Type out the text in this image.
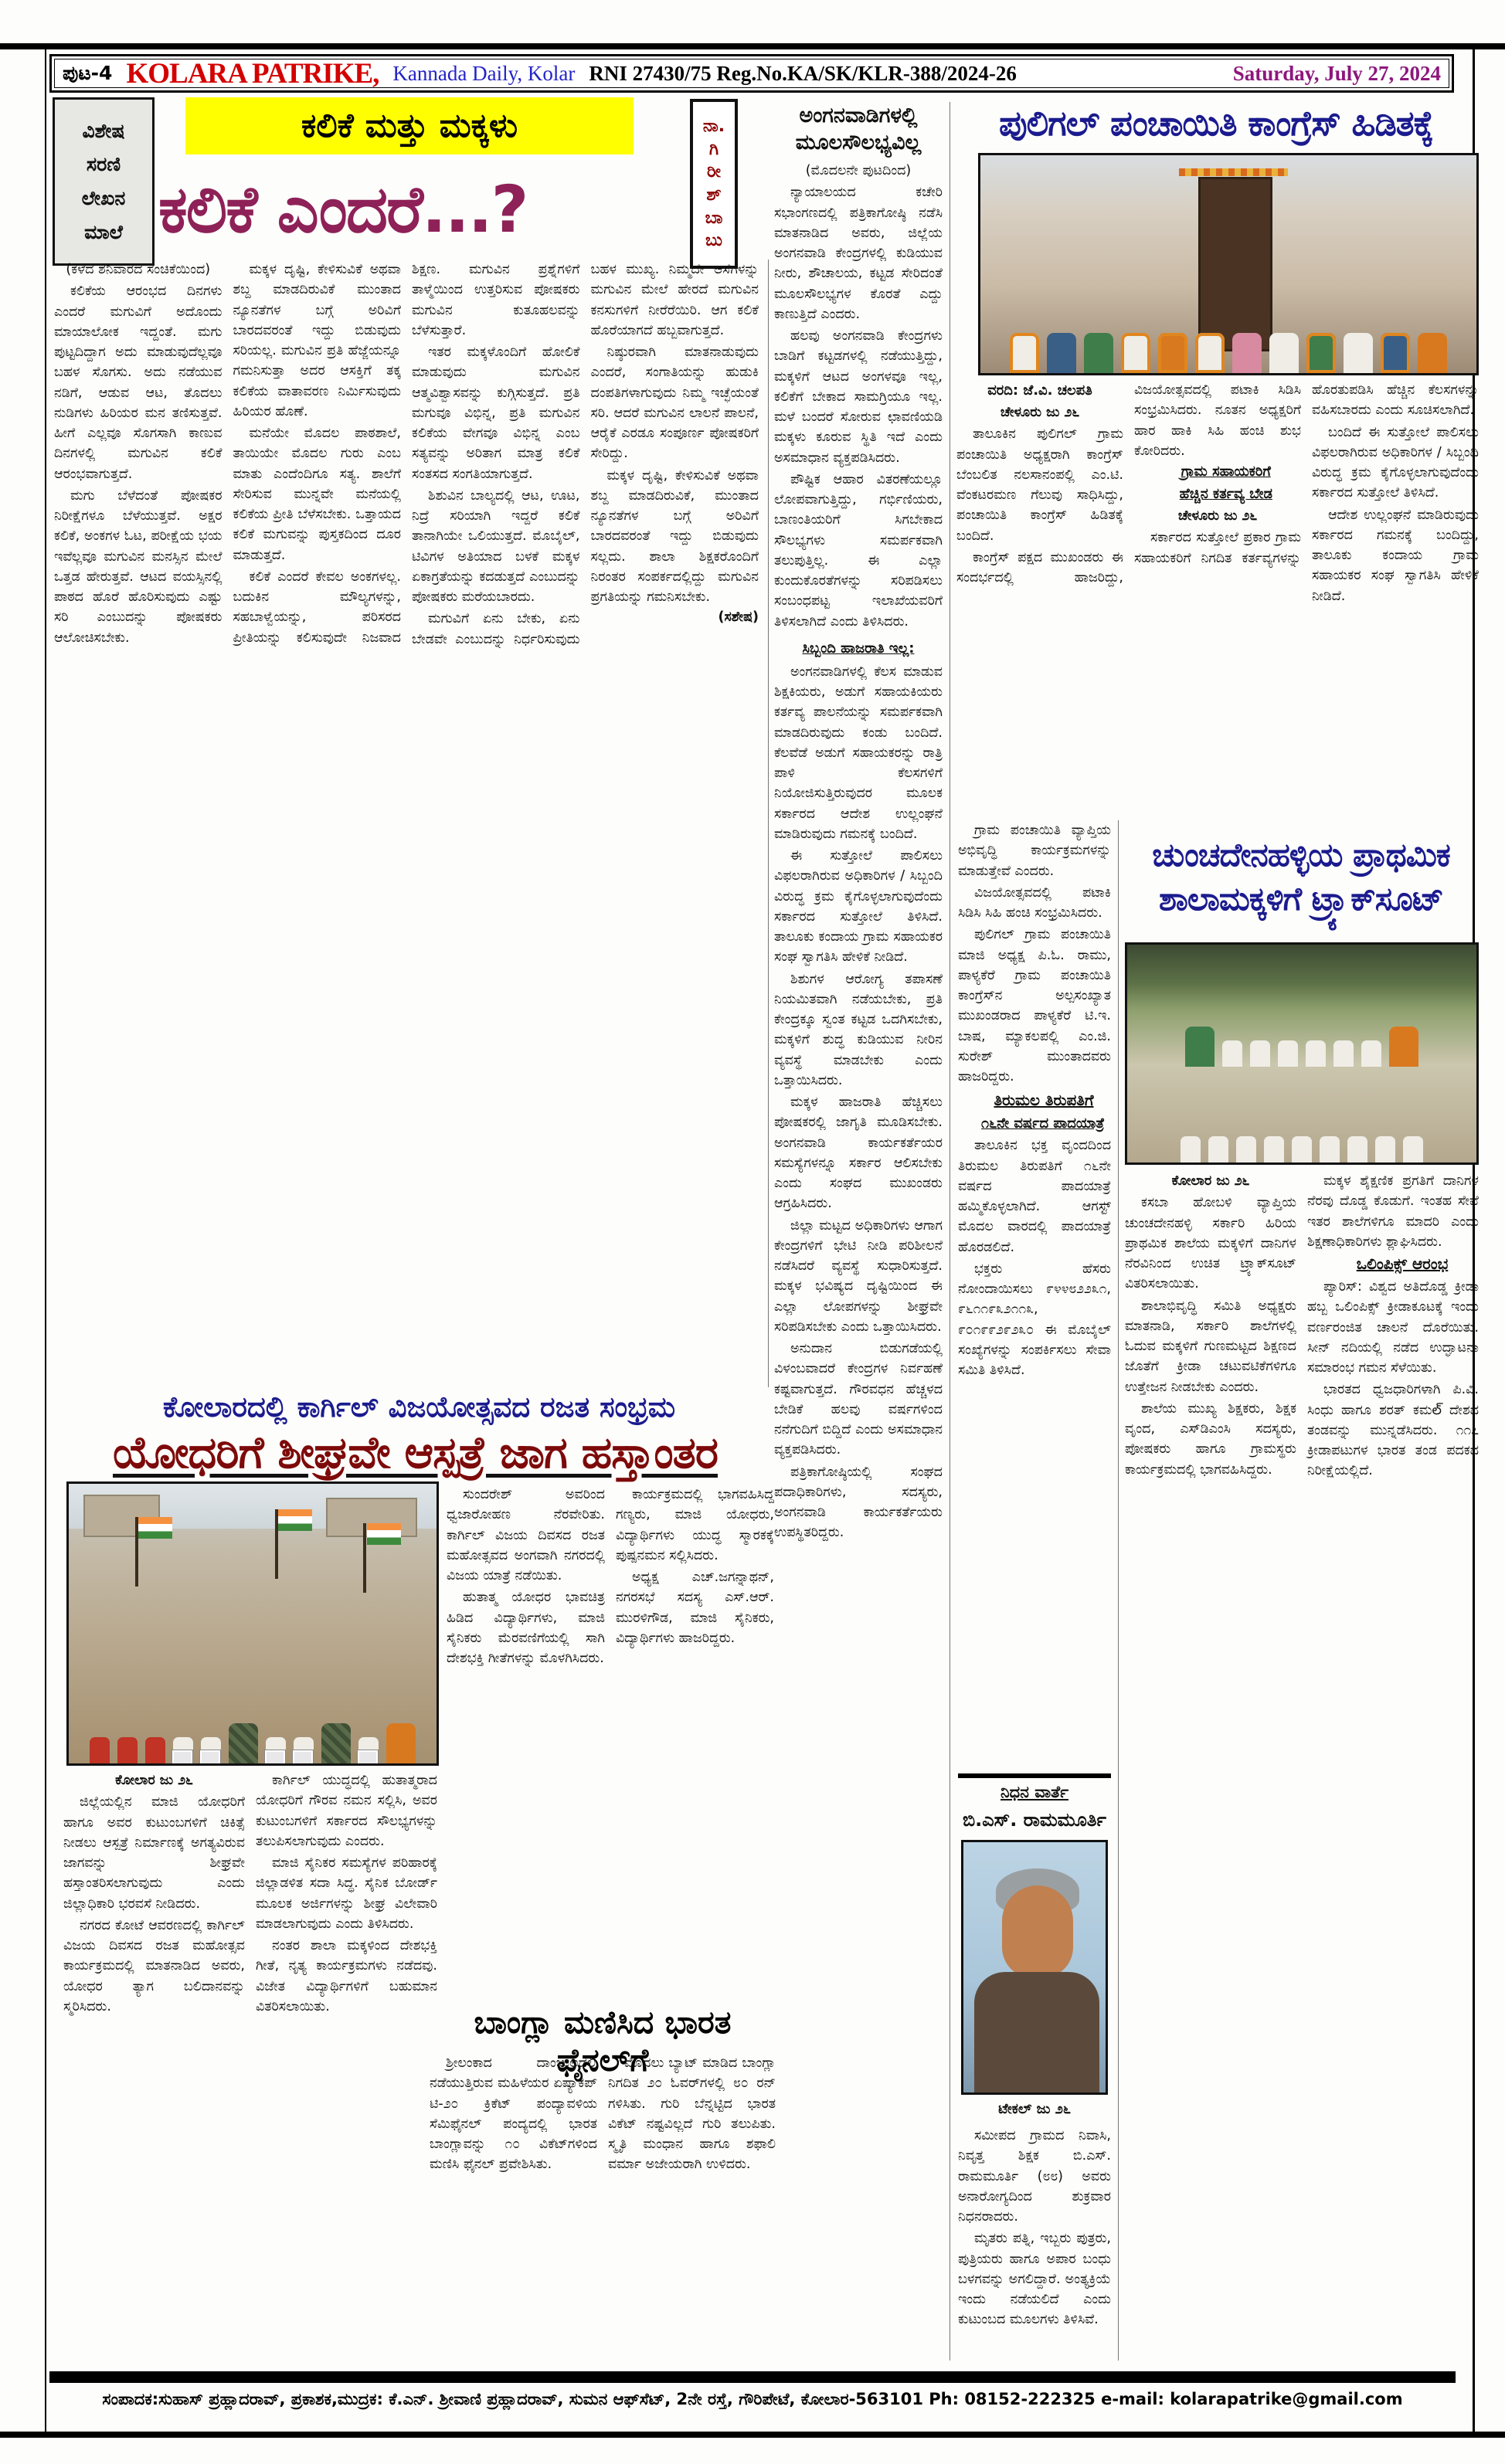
ಪುಟ-4 KOLARA PATRIKE, Kannada Daily, Kolar RNI 27430/75 Reg.No.KA/SK/KLR-388/2024-26	Saturday, July 27, 2024
ವಿಶೇಷ
ಸರಣಿ
ಲೇಖನ
ಮಾಲೆ
ಕಲಿಕೆ ಮತ್ತು ಮಕ್ಕಳು
ಕಲಿಕೆ ಎಂದರೆ...?
ನಾ.
ಗಿ
ರೀ
ಶ್
ಬಾ
ಬು

(ಕಳೆದ ಶನಿವಾರದ ಸಂಚಿಕೆಯಿಂದ)

ಕಲಿಕೆಯ ಆರಂಭದ ದಿನಗಳು ಎಂದರೆ ಮಗುವಿಗೆ ಅದೊಂದು ಮಾಯಾಲೋಕ ಇದ್ದಂತೆ. ಮಗು ಪುಟ್ಟದಿದ್ದಾಗ ಅದು ಮಾಡುವುದೆಲ್ಲವೂ ಬಹಳ ಸೊಗಸು. ಅದು ನಡೆಯುವ ನಡಿಗೆ, ಆಡುವ ಆಟ, ತೊದಲು ನುಡಿಗಳು ಹಿರಿಯರ ಮನ ತಣಿಸುತ್ತವೆ. ಹೀಗೆ ಎಲ್ಲವೂ ಸೊಗಸಾಗಿ ಕಾಣುವ ದಿನಗಳಲ್ಲಿ ಮಗುವಿನ ಕಲಿಕೆ ಆರಂಭವಾಗುತ್ತದೆ.

ಮಗು ಬೆಳೆದಂತೆ ಪೋಷಕರ ನಿರೀಕ್ಷೆಗಳೂ ಬೆಳೆಯುತ್ತವೆ. ಅಕ್ಷರ ಕಲಿಕೆ, ಅಂಕಗಳ ಓಟ, ಪರೀಕ್ಷೆಯ ಭಯ ಇವೆಲ್ಲವೂ ಮಗುವಿನ ಮನಸ್ಸಿನ ಮೇಲೆ ಒತ್ತಡ ಹೇರುತ್ತವೆ. ಆಟದ ವಯಸ್ಸಿನಲ್ಲಿ ಪಾಠದ ಹೊರೆ ಹೊರಿಸುವುದು ಎಷ್ಟು ಸರಿ ಎಂಬುದನ್ನು ಪೋಷಕರು ಆಲೋಚಿಸಬೇಕು.

ಮಕ್ಕಳ ದೃಷ್ಟಿ, ಕೇಳಿಸುವಿಕೆ ಅಥವಾ ಶಬ್ದ ಮಾಡದಿರುವಿಕೆ ಮುಂತಾದ ನ್ಯೂನತೆಗಳ ಬಗ್ಗೆ ಅರಿವಿಗೆ ಬಾರದವರಂತೆ ಇದ್ದು ಬಿಡುವುದು ಸರಿಯಲ್ಲ. ಮಗುವಿನ ಪ್ರತಿ ಹೆಜ್ಜೆಯನ್ನೂ ಗಮನಿಸುತ್ತಾ ಅದರ ಆಸಕ್ತಿಗೆ ತಕ್ಕ ಕಲಿಕೆಯ ವಾತಾವರಣ ನಿರ್ಮಿಸುವುದು ಹಿರಿಯರ ಹೊಣೆ.

ಮನೆಯೇ ಮೊದಲ ಪಾಠಶಾಲೆ, ತಾಯಿಯೇ ಮೊದಲ ಗುರು ಎಂಬ ಮಾತು ಎಂದೆಂದಿಗೂ ಸತ್ಯ. ಶಾಲೆಗೆ ಸೇರಿಸುವ ಮುನ್ನವೇ ಮನೆಯಲ್ಲಿ ಕಲಿಕೆಯ ಪ್ರೀತಿ ಬೆಳೆಸಬೇಕು. ಒತ್ತಾಯದ ಕಲಿಕೆ ಮಗುವನ್ನು ಪುಸ್ತಕದಿಂದ ದೂರ ಮಾಡುತ್ತದೆ.

ಕಲಿಕೆ ಎಂದರೆ ಕೇವಲ ಅಂಕಗಳಲ್ಲ. ಬದುಕಿನ ಮೌಲ್ಯಗಳನ್ನು, ಸಹಬಾಳ್ವೆಯನ್ನು, ಪರಿಸರದ ಪ್ರೀತಿಯನ್ನು ಕಲಿಸುವುದೇ ನಿಜವಾದ ಶಿಕ್ಷಣ. ಮಗುವಿನ ಪ್ರಶ್ನೆಗಳಿಗೆ ತಾಳ್ಮೆಯಿಂದ ಉತ್ತರಿಸುವ ಪೋಷಕರು ಮಗುವಿನ ಕುತೂಹಲವನ್ನು ಬೆಳೆಸುತ್ತಾರೆ.

ಇತರ ಮಕ್ಕಳೊಂದಿಗೆ ಹೋಲಿಕೆ ಮಾಡುವುದು ಮಗುವಿನ ಆತ್ಮವಿಶ್ವಾಸವನ್ನು ಕುಗ್ಗಿಸುತ್ತದೆ. ಪ್ರತಿ ಮಗುವೂ ವಿಭಿನ್ನ, ಪ್ರತಿ ಮಗುವಿನ ಕಲಿಕೆಯ ವೇಗವೂ ವಿಭಿನ್ನ ಎಂಬ ಸತ್ಯವನ್ನು ಅರಿತಾಗ ಮಾತ್ರ ಕಲಿಕೆ ಸಂತಸದ ಸಂಗತಿಯಾಗುತ್ತದೆ.

ಶಿಶುವಿನ ಬಾಲ್ಯದಲ್ಲಿ ಆಟ, ಊಟ, ನಿದ್ರೆ ಸರಿಯಾಗಿ ಇದ್ದರೆ ಕಲಿಕೆ ತಾನಾಗಿಯೇ ಒಲಿಯುತ್ತದೆ. ಮೊಬೈಲ್, ಟಿವಿಗಳ ಅತಿಯಾದ ಬಳಕೆ ಮಕ್ಕಳ ಏಕಾಗ್ರತೆಯನ್ನು ಕದಡುತ್ತದೆ ಎಂಬುದನ್ನು ಪೋಷಕರು ಮರೆಯಬಾರದು.

ಮಗುವಿಗೆ ಏನು ಬೇಕು, ಏನು ಬೇಡವೇ ಎಂಬುದನ್ನು ನಿರ್ಧರಿಸುವುದು ಬಹಳ ಮುಖ್ಯ. ನಿಮ್ಮದೇ ಆಸೆಗಳನ್ನು ಮಗುವಿನ ಮೇಲೆ ಹೇರದೆ ಮಗುವಿನ ಕನಸುಗಳಿಗೆ ನೀರೆರೆಯಿರಿ. ಆಗ ಕಲಿಕೆ ಹೊರೆಯಾಗದೆ ಹಬ್ಬವಾಗುತ್ತದೆ.

ನಿಷ್ಠುರವಾಗಿ ಮಾತನಾಡುವುದು ಎಂದರೆ, ಸಂಗಾತಿಯನ್ನು ಹುಡುಕಿ ದಂಪತಿಗಳಾಗುವುದು ನಿಮ್ಮ ಇಚ್ಛೆಯಂತೆ ಸರಿ. ಆದರೆ ಮಗುವಿನ ಲಾಲನೆ ಪಾಲನೆ, ಆರೈಕೆ ಎರಡೂ ಸಂಪೂರ್ಣ ಪೋಷಕರಿಗೆ ಸೇರಿದ್ದು.

ಮಕ್ಕಳ ದೃಷ್ಟಿ, ಕೇಳಿಸುವಿಕೆ ಅಥವಾ ಶಬ್ದ ಮಾಡದಿರುವಿಕೆ, ಮುಂತಾದ ನ್ಯೂನತೆಗಳ ಬಗ್ಗೆ ಅರಿವಿಗೆ ಬಾರದವರಂತೆ ಇದ್ದು ಬಿಡುವುದು ಸಲ್ಲದು. ಶಾಲಾ ಶಿಕ್ಷಕರೊಂದಿಗೆ ನಿರಂತರ ಸಂಪರ್ಕದಲ್ಲಿದ್ದು ಮಗುವಿನ ಪ್ರಗತಿಯನ್ನು ಗಮನಿಸಬೇಕು.

(ಸಶೇಷ)

ಅಂಗನವಾಡಿಗಳಲ್ಲಿ ಮೂಲಸೌಲಭ್ಯವಿಲ್ಲ

(ಮೊದಲನೇ ಪುಟದಿಂದ)

ನ್ಯಾಯಾಲಯದ ಕಚೇರಿ ಸಭಾಂಗಣದಲ್ಲಿ ಪತ್ರಿಕಾಗೋಷ್ಠಿ ನಡೆಸಿ ಮಾತನಾಡಿದ ಅವರು, ಜಿಲ್ಲೆಯ ಅಂಗನವಾಡಿ ಕೇಂದ್ರಗಳಲ್ಲಿ ಕುಡಿಯುವ ನೀರು, ಶೌಚಾಲಯ, ಕಟ್ಟಡ ಸೇರಿದಂತೆ ಮೂಲಸೌಲಭ್ಯಗಳ ಕೊರತೆ ಎದ್ದು ಕಾಣುತ್ತಿದೆ ಎಂದರು.

ಹಲವು ಅಂಗನವಾಡಿ ಕೇಂದ್ರಗಳು ಬಾಡಿಗೆ ಕಟ್ಟಡಗಳಲ್ಲಿ ನಡೆಯುತ್ತಿದ್ದು, ಮಕ್ಕಳಿಗೆ ಆಟದ ಅಂಗಳವೂ ಇಲ್ಲ, ಕಲಿಕೆಗೆ ಬೇಕಾದ ಸಾಮಗ್ರಿಯೂ ಇಲ್ಲ. ಮಳೆ ಬಂದರೆ ಸೋರುವ ಛಾವಣಿಯಡಿ ಮಕ್ಕಳು ಕೂರುವ ಸ್ಥಿತಿ ಇದೆ ಎಂದು ಅಸಮಾಧಾನ ವ್ಯಕ್ತಪಡಿಸಿದರು.

ಪೌಷ್ಟಿಕ ಆಹಾರ ವಿತರಣೆಯಲ್ಲೂ ಲೋಪವಾಗುತ್ತಿದ್ದು, ಗರ್ಭಿಣಿಯರು, ಬಾಣಂತಿಯರಿಗೆ ಸಿಗಬೇಕಾದ ಸೌಲಭ್ಯಗಳು ಸಮರ್ಪಕವಾಗಿ ತಲುಪುತ್ತಿಲ್ಲ. ಈ ಎಲ್ಲಾ ಕುಂದುಕೊರತೆಗಳನ್ನು ಸರಿಪಡಿಸಲು ಸಂಬಂಧಪಟ್ಟ ಇಲಾಖೆಯವರಿಗೆ ತಿಳಿಸಲಾಗಿದೆ ಎಂದು ತಿಳಿಸಿದರು.

ಸಿಬ್ಬಂದಿ ಹಾಜರಾತಿ ಇಲ್ಲ:

ಅಂಗನವಾಡಿಗಳಲ್ಲಿ ಕೆಲಸ ಮಾಡುವ ಶಿಕ್ಷಕಿಯರು, ಅಡುಗೆ ಸಹಾಯಕಿಯರು ಕರ್ತವ್ಯ ಪಾಲನೆಯನ್ನು ಸಮರ್ಪಕವಾಗಿ ಮಾಡದಿರುವುದು ಕಂಡು ಬಂದಿದೆ. ಕೆಲವೆಡೆ ಅಡುಗೆ ಸಹಾಯಕರನ್ನು ರಾತ್ರಿ ಪಾಳಿ ಕೆಲಸಗಳಿಗೆ ನಿಯೋಜಿಸುತ್ತಿರುವುದರ ಮೂಲಕ ಸರ್ಕಾರದ ಆದೇಶ ಉಲ್ಲಂಘನೆ ಮಾಡಿರುವುದು ಗಮನಕ್ಕೆ ಬಂದಿದೆ.

ಈ ಸುತ್ತೋಲೆ ಪಾಲಿಸಲು ವಿಫಲರಾಗಿರುವ ಅಧಿಕಾರಿಗಳ / ಸಿಬ್ಬಂದಿ ವಿರುದ್ಧ ಕ್ರಮ ಕೈಗೊಳ್ಳಲಾಗುವುದೆಂದು ಸರ್ಕಾರದ ಸುತ್ತೋಲೆ ತಿಳಿಸಿದೆ. ತಾಲೂಕು ಕಂದಾಯ ಗ್ರಾಮ ಸಹಾಯಕರ ಸಂಘ ಸ್ವಾಗತಿಸಿ ಹೇಳಿಕೆ ನೀಡಿದೆ.

ಶಿಶುಗಳ ಆರೋಗ್ಯ ತಪಾಸಣೆ ನಿಯಮಿತವಾಗಿ ನಡೆಯಬೇಕು, ಪ್ರತಿ ಕೇಂದ್ರಕ್ಕೂ ಸ್ವಂತ ಕಟ್ಟಡ ಒದಗಿಸಬೇಕು, ಮಕ್ಕಳಿಗೆ ಶುದ್ಧ ಕುಡಿಯುವ ನೀರಿನ ವ್ಯವಸ್ಥೆ ಮಾಡಬೇಕು ಎಂದು ಒತ್ತಾಯಿಸಿದರು.

ಮಕ್ಕಳ ಹಾಜರಾತಿ ಹೆಚ್ಚಿಸಲು ಪೋಷಕರಲ್ಲಿ ಜಾಗೃತಿ ಮೂಡಿಸಬೇಕು. ಅಂಗನವಾಡಿ ಕಾರ್ಯಕರ್ತೆಯರ ಸಮಸ್ಯೆಗಳನ್ನೂ ಸರ್ಕಾರ ಆಲಿಸಬೇಕು ಎಂದು ಸಂಘದ ಮುಖಂಡರು ಆಗ್ರಹಿಸಿದರು.

ಜಿಲ್ಲಾ ಮಟ್ಟದ ಅಧಿಕಾರಿಗಳು ಆಗಾಗ ಕೇಂದ್ರಗಳಿಗೆ ಭೇಟಿ ನೀಡಿ ಪರಿಶೀಲನೆ ನಡೆಸಿದರೆ ವ್ಯವಸ್ಥೆ ಸುಧಾರಿಸುತ್ತದೆ. ಮಕ್ಕಳ ಭವಿಷ್ಯದ ದೃಷ್ಟಿಯಿಂದ ಈ ಎಲ್ಲಾ ಲೋಪಗಳನ್ನು ಶೀಘ್ರವೇ ಸರಿಪಡಿಸಬೇಕು ಎಂದು ಒತ್ತಾಯಿಸಿದರು.

ಅನುದಾನ ಬಿಡುಗಡೆಯಲ್ಲಿ ವಿಳಂಬವಾದರೆ ಕೇಂದ್ರಗಳ ನಿರ್ವಹಣೆ ಕಷ್ಟವಾಗುತ್ತದೆ. ಗೌರವಧನ ಹೆಚ್ಚಳದ ಬೇಡಿಕೆ ಹಲವು ವರ್ಷಗಳಿಂದ ನನೆಗುದಿಗೆ ಬಿದ್ದಿದೆ ಎಂದು ಅಸಮಾಧಾನ ವ್ಯಕ್ತಪಡಿಸಿದರು.

ಪತ್ರಿಕಾಗೋಷ್ಠಿಯಲ್ಲಿ ಸಂಘದ ಪದಾಧಿಕಾರಿಗಳು, ಸದಸ್ಯರು, ಅಂಗನವಾಡಿ ಕಾರ್ಯಕರ್ತೆಯರು ಉಪಸ್ಥಿತರಿದ್ದರು.

ಪುಲಿಗಲ್ ಪಂಚಾಯಿತಿ ಕಾಂಗ್ರೆಸ್ ಹಿಡಿತಕ್ಕೆ

ವರದಿ: ಜೆ.ವಿ. ಚಲಪತಿ

ಚೇಳೂರು ಜು ೨೬

ತಾಲೂಕಿನ ಪುಲಿಗಲ್ ಗ್ರಾಮ ಪಂಚಾಯಿತಿ ಅಧ್ಯಕ್ಷರಾಗಿ ಕಾಂಗ್ರೆಸ್ ಬೆಂಬಲಿತ ನಲಸಾನಂಪಲ್ಲಿ ಎಂ.ಟಿ. ವೆಂಕಟರಮಣ ಗೆಲುವು ಸಾಧಿಸಿದ್ದು, ಪಂಚಾಯಿತಿ ಕಾಂಗ್ರೆಸ್ ಹಿಡಿತಕ್ಕೆ ಬಂದಿದೆ.

ಕಾಂಗ್ರೆಸ್ ಪಕ್ಷದ ಮುಖಂಡರು ಈ ಸಂದರ್ಭದಲ್ಲಿ ಹಾಜರಿದ್ದು, ವಿಜಯೋತ್ಸವದಲ್ಲಿ ಪಟಾಕಿ ಸಿಡಿಸಿ ಸಂಭ್ರಮಿಸಿದರು. ನೂತನ ಅಧ್ಯಕ್ಷರಿಗೆ ಹಾರ ಹಾಕಿ ಸಿಹಿ ಹಂಚಿ ಶುಭ ಕೋರಿದರು.

ಗ್ರಾಮ ಸಹಾಯಕರಿಗೆ

ಹೆಚ್ಚಿನ ಕರ್ತವ್ಯ ಬೇಡ

ಚೇಳೂರು ಜು ೨೬

ಸರ್ಕಾರದ ಸುತ್ತೋಲೆ ಪ್ರಕಾರ ಗ್ರಾಮ ಸಹಾಯಕರಿಗೆ ನಿಗದಿತ ಕರ್ತವ್ಯಗಳನ್ನು ಹೊರತುಪಡಿಸಿ ಹೆಚ್ಚಿನ ಕೆಲಸಗಳನ್ನು ವಹಿಸಬಾರದು ಎಂದು ಸೂಚಿಸಲಾಗಿದೆ.

ಬಂದಿದೆ ಈ ಸುತ್ತೋಲೆ ಪಾಲಿಸಲು ವಿಫಲರಾಗಿರುವ ಅಧಿಕಾರಿಗಳ / ಸಿಬ್ಬಂದಿ ವಿರುದ್ಧ ಕ್ರಮ ಕೈಗೊಳ್ಳಲಾಗುವುದೆಂದು ಸರ್ಕಾರದ ಸುತ್ತೋಲೆ ತಿಳಿಸಿದೆ.

ಆದೇಶ ಉಲ್ಲಂಘನೆ ಮಾಡಿರುವುದು ಸರ್ಕಾರದ ಗಮನಕ್ಕೆ ಬಂದಿದ್ದು, ತಾಲೂಕು ಕಂದಾಯ ಗ್ರಾಮ ಸಹಾಯಕರ ಸಂಘ ಸ್ವಾಗತಿಸಿ ಹೇಳಿಕೆ ನೀಡಿದೆ.

ಗ್ರಾಮ ಪಂಚಾಯಿತಿ ವ್ಯಾಪ್ತಿಯ ಅಭಿವೃದ್ಧಿ ಕಾರ್ಯಕ್ರಮಗಳನ್ನು ಮಾಡುತ್ತೇವೆ ಎಂದರು.

ವಿಜಯೋತ್ಸವದಲ್ಲಿ ಪಟಾಕಿ ಸಿಡಿಸಿ ಸಿಹಿ ಹಂಚಿ ಸಂಭ್ರಮಿಸಿದರು.

ಪುಲಿಗಲ್ ಗ್ರಾಮ ಪಂಚಾಯಿತಿ ಮಾಜಿ ಅಧ್ಯಕ್ಷ ಪಿ.ಓ. ರಾಮು, ಪಾಳ್ಯಕೆರೆ ಗ್ರಾಮ ಪಂಚಾಯಿತಿ ಕಾಂಗ್ರೆಸ್‌ನ ಅಲ್ಪಸಂಖ್ಯಾತ ಮುಖಂಡರಾದ ಪಾಳ್ಯಕೆರೆ ಟಿ.ಇ. ಬಾಷ, ಮ್ಯಾಕಲಪಲ್ಲಿ ಎಂ.ಜಿ. ಸುರೇಶ್ ಮುಂತಾದವರು ಹಾಜರಿದ್ದರು.

ತಿರುಮಲ ತಿರುಪತಿಗೆ

೧೬ನೇ ವರ್ಷದ ಪಾದಯಾತ್ರೆ

ತಾಲೂಕಿನ ಭಕ್ತ ವೃಂದದಿಂದ ತಿರುಮಲ ತಿರುಪತಿಗೆ ೧೬ನೇ ವರ್ಷದ ಪಾದಯಾತ್ರೆ ಹಮ್ಮಿಕೊಳ್ಳಲಾಗಿದೆ. ಆಗಸ್ಟ್ ಮೊದಲ ವಾರದಲ್ಲಿ ಪಾದಯಾತ್ರೆ ಹೊರಡಲಿದೆ.

ಭಕ್ತರು ಹೆಸರು ನೋಂದಾಯಿಸಲು ೯೪೪೮೨೨೩೧, ೯೬೧೧೯೩೨೧೧೩, ೯೦೧೯೯೨೯೨೩೦ ಈ ಮೊಬೈಲ್ ಸಂಖ್ಯೆಗಳನ್ನು ಸಂಪರ್ಕಿಸಲು ಸೇವಾ ಸಮಿತಿ ತಿಳಿಸಿದೆ.

ನಿಧನ ವಾರ್ತೆ
ಬಿ.ಎಸ್. ರಾಮಮೂರ್ತಿ
ಟೇಕಲ್ ಜು ೨೬

ಸಮೀಪದ ಗ್ರಾಮದ ನಿವಾಸಿ, ನಿವೃತ್ತ ಶಿಕ್ಷಕ ಬಿ.ಎಸ್. ರಾಮಮೂರ್ತಿ (೮೮) ಅವರು ಅನಾರೋಗ್ಯದಿಂದ ಶುಕ್ರವಾರ ನಿಧನರಾದರು.

ಮೃತರು ಪತ್ನಿ, ಇಬ್ಬರು ಪುತ್ರರು, ಪುತ್ರಿಯರು ಹಾಗೂ ಅಪಾರ ಬಂಧು ಬಳಗವನ್ನು ಅಗಲಿದ್ದಾರೆ. ಅಂತ್ಯಕ್ರಿಯೆ ಇಂದು ನಡೆಯಲಿದೆ ಎಂದು ಕುಟುಂಬದ ಮೂಲಗಳು ತಿಳಿಸಿವೆ.

ಕೋಲಾರದಲ್ಲಿ ಕಾರ್ಗಿಲ್ ವಿಜಯೋತ್ಸವದ ರಜತ ಸಂಭ್ರಮ
ಯೋಧರಿಗೆ ಶೀಘ್ರವೇ ಆಸ್ಪತ್ರೆ ಜಾಗ ಹಸ್ತಾಂತರ

ಸುಂದರೇಶ್ ಅವರಿಂದ ಧ್ವಜಾರೋಹಣ ನೆರವೇರಿತು. ಕಾರ್ಗಿಲ್ ವಿಜಯ ದಿವಸದ ರಜತ ಮಹೋತ್ಸವದ ಅಂಗವಾಗಿ ನಗರದಲ್ಲಿ ವಿಜಯ ಯಾತ್ರೆ ನಡೆಯಿತು.

ಹುತಾತ್ಮ ಯೋಧರ ಭಾವಚಿತ್ರ ಹಿಡಿದ ವಿದ್ಯಾರ್ಥಿಗಳು, ಮಾಜಿ ಸೈನಿಕರು ಮೆರವಣಿಗೆಯಲ್ಲಿ ಸಾಗಿ ದೇಶಭಕ್ತಿ ಗೀತೆಗಳನ್ನು ಮೊಳಗಿಸಿದರು.

ಕಾರ್ಯಕ್ರಮದಲ್ಲಿ ಭಾಗವಹಿಸಿದ್ದ ಗಣ್ಯರು, ಮಾಜಿ ಯೋಧರು, ವಿದ್ಯಾರ್ಥಿಗಳು ಯುದ್ಧ ಸ್ಮಾರಕಕ್ಕೆ ಪುಷ್ಪನಮನ ಸಲ್ಲಿಸಿದರು.

ಅಧ್ಯಕ್ಷ ಎಚ್.ಜಗನ್ನಾಥನ್, ನಗರಸಭೆ ಸದಸ್ಯ ಎಸ್.ಆರ್. ಮುರಳಿಗೌಡ, ಮಾಜಿ ಸೈನಿಕರು, ವಿದ್ಯಾರ್ಥಿಗಳು ಹಾಜರಿದ್ದರು.

ಕೋಲಾರ ಜು ೨೬

ಜಿಲ್ಲೆಯಲ್ಲಿನ ಮಾಜಿ ಯೋಧರಿಗೆ ಹಾಗೂ ಅವರ ಕುಟುಂಬಗಳಿಗೆ ಚಿಕಿತ್ಸೆ ನೀಡಲು ಆಸ್ಪತ್ರೆ ನಿರ್ಮಾಣಕ್ಕೆ ಅಗತ್ಯವಿರುವ ಜಾಗವನ್ನು ಶೀಘ್ರವೇ ಹಸ್ತಾಂತರಿಸಲಾಗುವುದು ಎಂದು ಜಿಲ್ಲಾಧಿಕಾರಿ ಭರವಸೆ ನೀಡಿದರು.

ನಗರದ ಕೋಟೆ ಆವರಣದಲ್ಲಿ ಕಾರ್ಗಿಲ್ ವಿಜಯ ದಿವಸದ ರಜತ ಮಹೋತ್ಸವ ಕಾರ್ಯಕ್ರಮದಲ್ಲಿ ಮಾತನಾಡಿದ ಅವರು, ಯೋಧರ ತ್ಯಾಗ ಬಲಿದಾನವನ್ನು ಸ್ಮರಿಸಿದರು.

ಕಾರ್ಗಿಲ್ ಯುದ್ಧದಲ್ಲಿ ಹುತಾತ್ಮರಾದ ಯೋಧರಿಗೆ ಗೌರವ ನಮನ ಸಲ್ಲಿಸಿ, ಅವರ ಕುಟುಂಬಗಳಿಗೆ ಸರ್ಕಾರದ ಸೌಲಭ್ಯಗಳನ್ನು ತಲುಪಿಸಲಾಗುವುದು ಎಂದರು.

ಮಾಜಿ ಸೈನಿಕರ ಸಮಸ್ಯೆಗಳ ಪರಿಹಾರಕ್ಕೆ ಜಿಲ್ಲಾಡಳಿತ ಸದಾ ಸಿದ್ಧ. ಸೈನಿಕ ಬೋರ್ಡ್ ಮೂಲಕ ಅರ್ಜಿಗಳನ್ನು ಶೀಘ್ರ ವಿಲೇವಾರಿ ಮಾಡಲಾಗುವುದು ಎಂದು ತಿಳಿಸಿದರು.

ನಂತರ ಶಾಲಾ ಮಕ್ಕಳಿಂದ ದೇಶಭಕ್ತಿ ಗೀತೆ, ನೃತ್ಯ ಕಾರ್ಯಕ್ರಮಗಳು ನಡೆದವು. ವಿಜೇತ ವಿದ್ಯಾರ್ಥಿಗಳಿಗೆ ಬಹುಮಾನ ವಿತರಿಸಲಾಯಿತು.	ಬಾಂಗ್ಲಾ ಮಣಿಸಿದ ಭಾರತ ಫೈನಲ್‌ಗೆ

ಶ್ರೀಲಂಕಾದ ದಾಂಬುಲದಲ್ಲಿ ನಡೆಯುತ್ತಿರುವ ಮಹಿಳೆಯರ ಏಷ್ಯಾಕಪ್ ಟಿ-೨೦ ಕ್ರಿಕೆಟ್ ಪಂದ್ಯಾವಳಿಯ ಸೆಮಿಫೈನಲ್ ಪಂದ್ಯದಲ್ಲಿ ಭಾರತ ಬಾಂಗ್ಲಾವನ್ನು ೧೦ ವಿಕೆಟ್‌ಗಳಿಂದ ಮಣಿಸಿ ಫೈನಲ್ ಪ್ರವೇಶಿಸಿತು.

ಮೊದಲು ಬ್ಯಾಟ್ ಮಾಡಿದ ಬಾಂಗ್ಲಾ ನಿಗದಿತ ೨೦ ಓವರ್‌ಗಳಲ್ಲಿ ೮೦ ರನ್ ಗಳಿಸಿತು. ಗುರಿ ಬೆನ್ನಟ್ಟಿದ ಭಾರತ ವಿಕೆಟ್ ನಷ್ಟವಿಲ್ಲದೆ ಗುರಿ ತಲುಪಿತು. ಸ್ಮೃತಿ ಮಂಧಾನ ಹಾಗೂ ಶಫಾಲಿ ವರ್ಮಾ ಅಜೇಯರಾಗಿ ಉಳಿದರು.

ಚುಂಚದೇನಹಳ್ಳಿಯ ಪ್ರಾಥಮಿಕ
ಶಾಲಾಮಕ್ಕಳಿಗೆ ಟ್ರ್ಯಾಕ್‌ಸೂಟ್

ಕೋಲಾರ ಜು ೨೬

ಕಸಬಾ ಹೋಬಳಿ ವ್ಯಾಪ್ತಿಯ ಚುಂಚದೇನಹಳ್ಳಿ ಸರ್ಕಾರಿ ಹಿರಿಯ ಪ್ರಾಥಮಿಕ ಶಾಲೆಯ ಮಕ್ಕಳಿಗೆ ದಾನಿಗಳ ನೆರವಿನಿಂದ ಉಚಿತ ಟ್ರ್ಯಾಕ್‌ಸೂಟ್ ವಿತರಿಸಲಾಯಿತು.

ಶಾಲಾಭಿವೃದ್ಧಿ ಸಮಿತಿ ಅಧ್ಯಕ್ಷರು ಮಾತನಾಡಿ, ಸರ್ಕಾರಿ ಶಾಲೆಗಳಲ್ಲಿ ಓದುವ ಮಕ್ಕಳಿಗೆ ಗುಣಮಟ್ಟದ ಶಿಕ್ಷಣದ ಜೊತೆಗೆ ಕ್ರೀಡಾ ಚಟುವಟಿಕೆಗಳಿಗೂ ಉತ್ತೇಜನ ನೀಡಬೇಕು ಎಂದರು.

ಶಾಲೆಯ ಮುಖ್ಯ ಶಿಕ್ಷಕರು, ಶಿಕ್ಷಕ ವೃಂದ, ಎಸ್‌ಡಿಎಂಸಿ ಸದಸ್ಯರು, ಪೋಷಕರು ಹಾಗೂ ಗ್ರಾಮಸ್ಥರು ಕಾರ್ಯಕ್ರಮದಲ್ಲಿ ಭಾಗವಹಿಸಿದ್ದರು.

ಮಕ್ಕಳ ಶೈಕ್ಷಣಿಕ ಪ್ರಗತಿಗೆ ದಾನಿಗಳ ನೆರವು ದೊಡ್ಡ ಕೊಡುಗೆ. ಇಂತಹ ಸೇವೆ ಇತರ ಶಾಲೆಗಳಿಗೂ ಮಾದರಿ ಎಂದು ಶಿಕ್ಷಣಾಧಿಕಾರಿಗಳು ಶ್ಲಾಘಿಸಿದರು.

ಒಲಿಂಪಿಕ್ಸ್ ಆರಂಭ

ಪ್ಯಾರಿಸ್: ವಿಶ್ವದ ಅತಿದೊಡ್ಡ ಕ್ರೀಡಾ ಹಬ್ಬ ಒಲಿಂಪಿಕ್ಸ್ ಕ್ರೀಡಾಕೂಟಕ್ಕೆ ಇಂದು ವರ್ಣರಂಜಿತ ಚಾಲನೆ ದೊರೆಯಿತು. ಸೀನ್ ನದಿಯಲ್ಲಿ ನಡೆದ ಉದ್ಘಾಟನಾ ಸಮಾರಂಭ ಗಮನ ಸೆಳೆಯಿತು.

ಭಾರತದ ಧ್ವಜಧಾರಿಗಳಾಗಿ ಪಿ.ವಿ. ಸಿಂಧು ಹಾಗೂ ಶರತ್ ಕಮల్ ದೇಶದ ತಂಡವನ್ನು ಮುನ್ನಡೆಸಿದರು. ೧೧೭ ಕ್ರೀಡಾಪಟುಗಳ ಭಾರತ ತಂಡ ಪದಕದ ನಿರೀಕ್ಷೆಯಲ್ಲಿದೆ.

ಸಂಪಾದಕ:ಸುಹಾಸ್ ಪ್ರಹ್ಲಾದರಾವ್, ಪ್ರಕಾಶಕ,ಮುದ್ರಕ: ಕೆ.ಎನ್. ಶ್ರೀವಾಣಿ ಪ್ರಹ್ಲಾದರಾವ್, ಸುಮನ ಆಫ್‌ಸೆಟ್, 2ನೇ ರಸ್ತೆ, ಗೌರಿಪೇಟೆ, ಕೋಲಾರ-563101 Ph: 08152-222325 e-mail: kolarapatrike@gmail.com
